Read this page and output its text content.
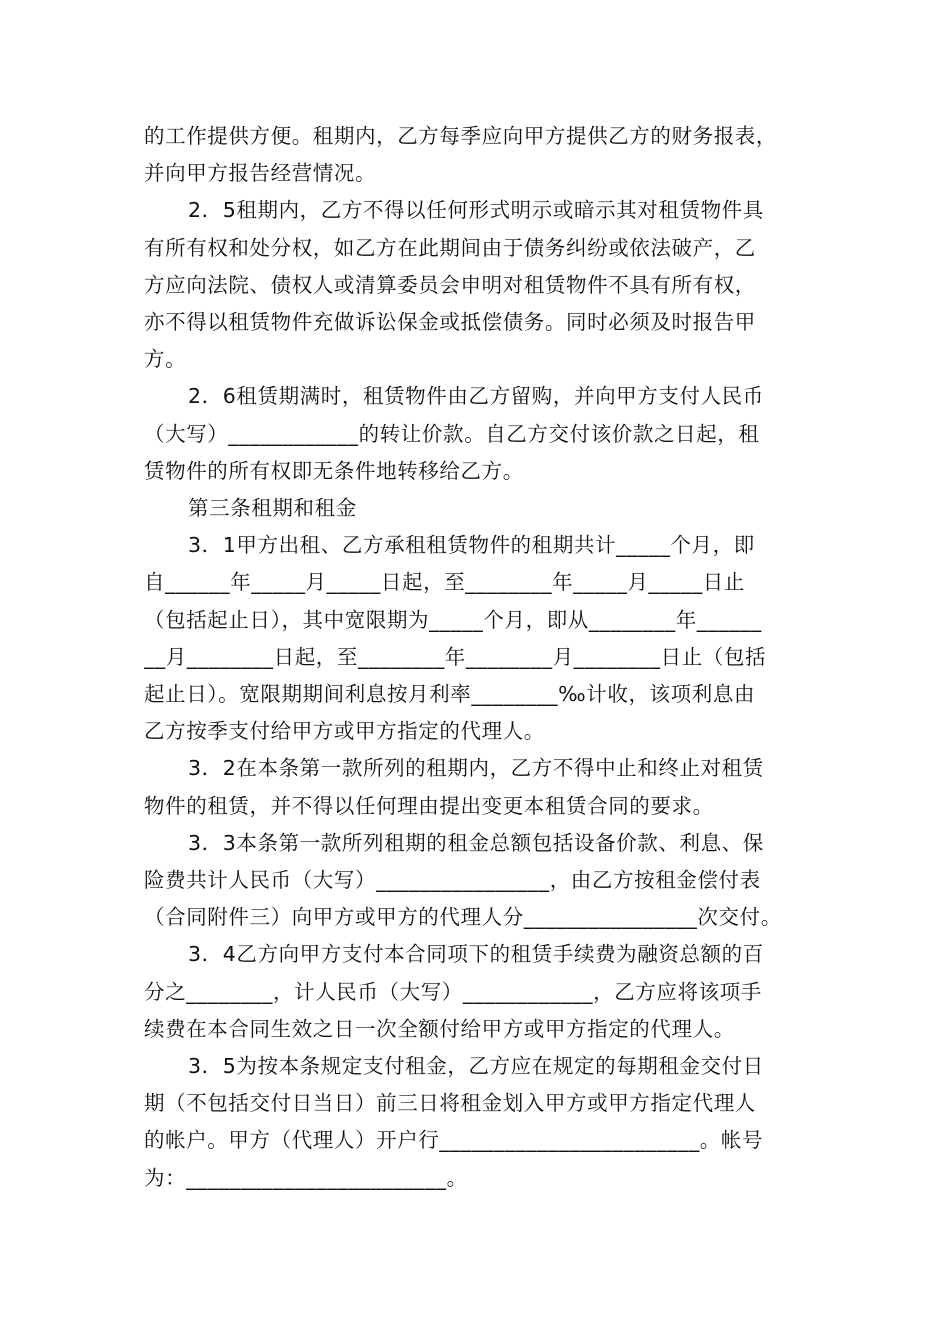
的工作提供方便。租期内，乙方每季应向甲方提供乙方的财务报表，
并向甲方报告经营情况。
2．5租期内，乙方不得以任何形式明示或暗示其对租赁物件具
有所有权和处分权，如乙方在此期间由于债务纠纷或依法破产，乙
方应向法院、债权人或清算委员会申明对租赁物件不具有所有权，
亦不得以租赁物件充做诉讼保金或抵偿债务。同时必须及时报告甲
方。
2．6租赁期满时，租赁物件由乙方留购，并向甲方支付人民币
（大写）____________的转让价款。自乙方交付该价款之日起，租
赁物件的所有权即无条件地转移给乙方。
第三条租期和租金
3．1甲方出租、乙方承租租赁物件的租期共计_____个月，即
自______年_____月_____日起，至________年_____月_____日止
（包括起止日），其中宽限期为_____个月，即从________年______
__月________日起，至________年________月________日止（包括
起止日）。宽限期期间利息按月利率________‰计收，该项利息由
乙方按季支付给甲方或甲方指定的代理人。
3．2在本条第一款所列的租期内，乙方不得中止和终止对租赁
物件的租赁，并不得以任何理由提出变更本租赁合同的要求。
3．3本条第一款所列租期的租金总额包括设备价款、利息、保
险费共计人民币（大写）________________，由乙方按租金偿付表
（合同附件三）向甲方或甲方的代理人分________________次交付。
3．4乙方向甲方支付本合同项下的租赁手续费为融资总额的百
分之________，计人民币（大写）____________，乙方应将该项手
续费在本合同生效之日一次全额付给甲方或甲方指定的代理人。
3．5为按本条规定支付租金，乙方应在规定的每期租金交付日
期（不包括交付日当日）前三日将租金划入甲方或甲方指定代理人
的帐户。甲方（代理人）开户行________________________。帐号
为：________________________。
